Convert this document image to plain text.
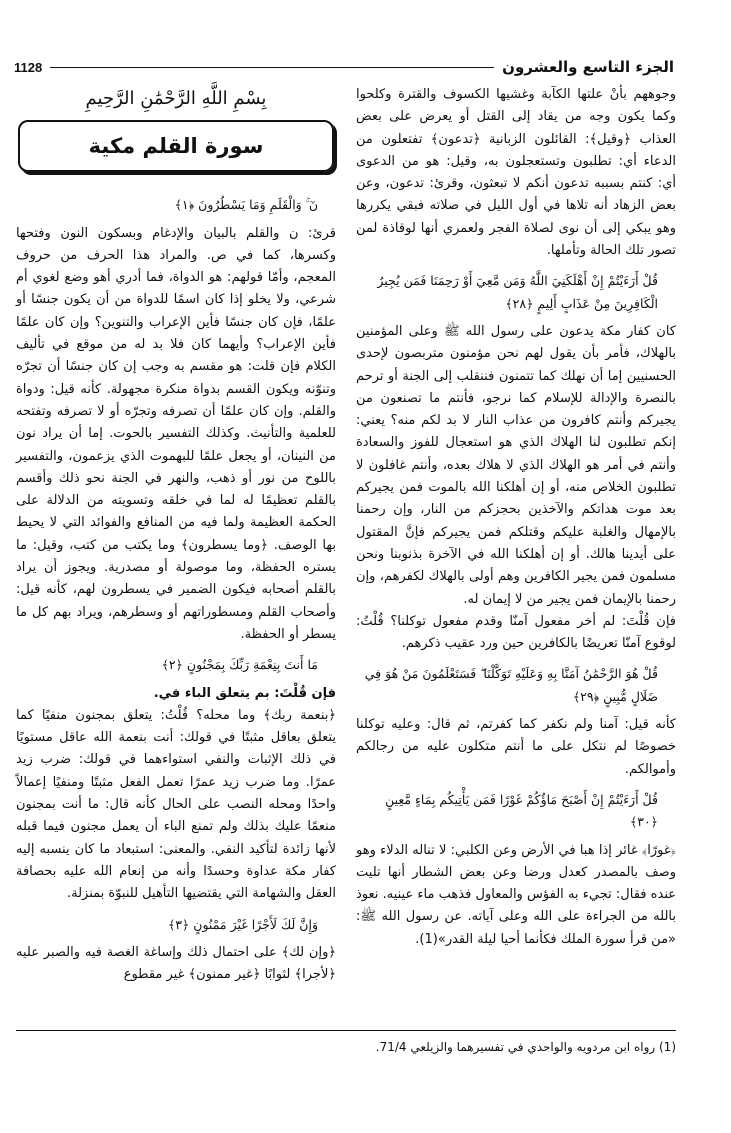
الجزء التاسع والعشرون
1128

وجوههم بأنْ علتها الكآبة وغشيها الكسوف والقترة وكلحوا وكما يكون وجه من يقاد إلى القتل أو يعرض على بعض العذاب ﴿وقيل﴾: القائلون الزبانية ﴿تدعون﴾ تفتعلون من الدعاء أي: تطلبون وتستعجلون به، وقيل: هو من الدعوى أي: كنتم بسببه تدعون أنكم لا تبعثون، وقرئ: تدعون، وعن بعض الزهاد أنه تلاها في أول الليل في صلاته فبقي يكررها وهو يبكي إلى أن نوى لصلاة الفجر ولعمري أنها لوقاذة لمن تصور تلك الحالة وتأملها.

قُلْ أَرَءَيْتُمْ إِنْ أَهْلَكَنِيَ اللَّهُ وَمَن مَّعِيَ أَوْ رَحِمَنَا فَمَن يُجِيرُ الْكَافِرِينَ مِنْ عَذَابٍ أَلِيمٍ ﴿٢٨﴾

كان كفار مكة يدعون على رسول الله ﷺ وعلى المؤمنين بالهلاك، فأمر بأن يقول لهم نحن مؤمنون متربصون لإحدى الحسنيين إما أن نهلك كما تتمنون فننقلب إلى الجنة أو ترحم بالنصرة والإدالة للإسلام كما نرجو، فأنتم ما تصنعون من يجيركم وأنتم كافرون من عذاب النار لا بد لكم منه؟ يعني: إنكم تطلبون لنا الهلاك الذي هو استعجال للفوز والسعادة وأنتم في أمر هو الهلاك الذي لا هلاك بعده، وأنتم غافلون لا تطلبون الخلاص منه، أو إن أهلكنا الله بالموت فمن يجيركم بعد موت هداتكم والآخذين بحجزكم من النار، وإن رحمنا بالإمهال والغلبة عليكم وقتلكم فمن يجيركم فإنَّ المقتول على أيدينا هالك. أو إن أهلكنا الله في الآخرة بذنوبنا ونحن مسلمون فمن يجير الكافرين وهم أولى بالهلاك لكفرهم، وإن رحمنا بالإيمان فمن يجير من لا إيمان له.

فإن قُلْتَ: لم أخر مفعول آمنّا وقدم مفعول توكلنا؟ قُلْتُ: لوقوع آمنّا تعريضًا بالكافرين حين ورد عقيب ذكرهم.

قُلْ هُوَ الرَّحْمَٰنُ آمَنَّا بِهِ وَعَلَيْهِ تَوَكَّلْنَا ۖ فَسَتَعْلَمُونَ مَنْ هُوَ فِي ضَلَالٍ مُّبِينٍ ﴿٢٩﴾

كأنه قيل: آمنا ولم نكفر كما كفرتم، ثم قال: وعليه توكلنا خصوصًا لم نتكل على ما أنتم متكلون عليه من رجالكم وأموالكم.

قُلْ أَرَءَيْتُمْ إِنْ أَصْبَحَ مَاؤُكُمْ غَوْرًا فَمَن يَأْتِيكُم بِمَاءٍ مَّعِينٍ ﴿٣٠﴾

﴿غورًا﴾ غائر إذا هبا في الأرض وعن الكلبي: لا تناله الدلاء وهو وصف بالمصدر كعدل ورضا وعن بعض الشطار أنها تليت عنده فقال: تجيء به الفؤس والمعاول فذهب ماء عينيه. نعوذ بالله من الجراءة على الله وعلى آياته. عن رسول الله ﷺ: «من قرأ سورة الملك فكأنما أحيا ليلة القدر»(1).

بِسْمِ اللَّهِ الرَّحْمَٰنِ الرَّحِيمِ
سورة القلم مكية

نٓ ۚ وَالْقَلَمِ وَمَا يَسْطُرُونَ ﴿١﴾

قرئ: ن والقلم بالبيان والإدغام وبسكون النون وفتحها وكسرها، كما في ص. والمراد هذا الحرف من حروف المعجم، وأمّا قولهم: هو الدواة، فما أدري أهو وضع لغوي أم شرعي، ولا يخلو إذا كان اسمًا للدواة من أن يكون جنسًا أو علمًا، فإن كان جنسًا فأين الإعراب والتنوين؟ وإن كان علمًا فأين الإعراب؟ وأيهما كان فلا بد له من موقع في تأليف الكلام فإن قلت: هو مقسم به وجب إن كان جنسًا أن تجرّه وتنوّنه ويكون القسم بدواة منكرة مجهولة. كأنه قيل: ودواة والقلم. وإن كان علمًا أن تصرفه وتجرّه أو لا تصرفه وتفتحه للعلمية والتأنيث. وكذلك التفسير بالحوت. إما أن يراد نون من النينان، أو يجعل علمًا للبهموت الذي يزعمون، والتفسير باللوح من نور أو ذهب، والنهر في الجنة نحو ذلك وأقسم بالقلم تعظيمًا له لما في خلقه وتسويته من الدلالة على الحكمة العظيمة ولما فيه من المنافع والفوائد التي لا يحيط بها الوصف. ﴿وما يسطرون﴾ وما يكتب من كتب، وقيل: ما يستره الحفظة، وما موصولة أو مصدرية. ويجوز أن يراد بالقلم أصحابه فيكون الضمير في يسطرون لهم، كأنه قيل: وأصحاب القلم ومسطوراتهم أو وسطرهم، ويراد بهم كل ما يسطر أو الحفظة.

مَا أَنتَ بِنِعْمَةِ رَبِّكَ بِمَجْنُونٍ ﴿٢﴾

فإن قُلْتَ: بم يتعلق الباء في.

﴿بنعمة ربك﴾ وما محله؟ قُلْتُ: يتعلق بمجنون منفيًا كما يتعلق بعاقل مثبتًا في قولك: أنت بنعمة الله عاقل مستويًا في ذلك الإثبات والنفي استواءهما في قولك: ضرب زيد عمرًا. وما ضرب زيد عمرًا تعمل الفعل مثبتًا ومنفيًا إعمالاً واحدًا ومحله النصب على الحال كأنه قال: ما أنت بمجنون منعمًا عليك بذلك ولم تمنع الباء أن يعمل مجنون فيما قبله لأنها زائدة لتأكيد النفي. والمعنى: استبعاد ما كان ينسبه إليه كفار مكة عداوة وحسدًا وأنه من إنعام الله عليه بحصافة العقل والشهامة التي يقتضيها التأهيل للنبوّة بمنزلة.

وَإِنَّ لَكَ لَأَجْرًا غَيْرَ مَمْنُونٍ ﴿٣﴾

﴿وإن لك﴾ على احتمال ذلك وإساغة الغصة فيه والصبر عليه ﴿لأجرا﴾ لثوابًا ﴿غير ممنون﴾ غير مقطوع

(1) رواه ابن مردويه والواحدي في تفسيرهما والزيلعي 71/4.
